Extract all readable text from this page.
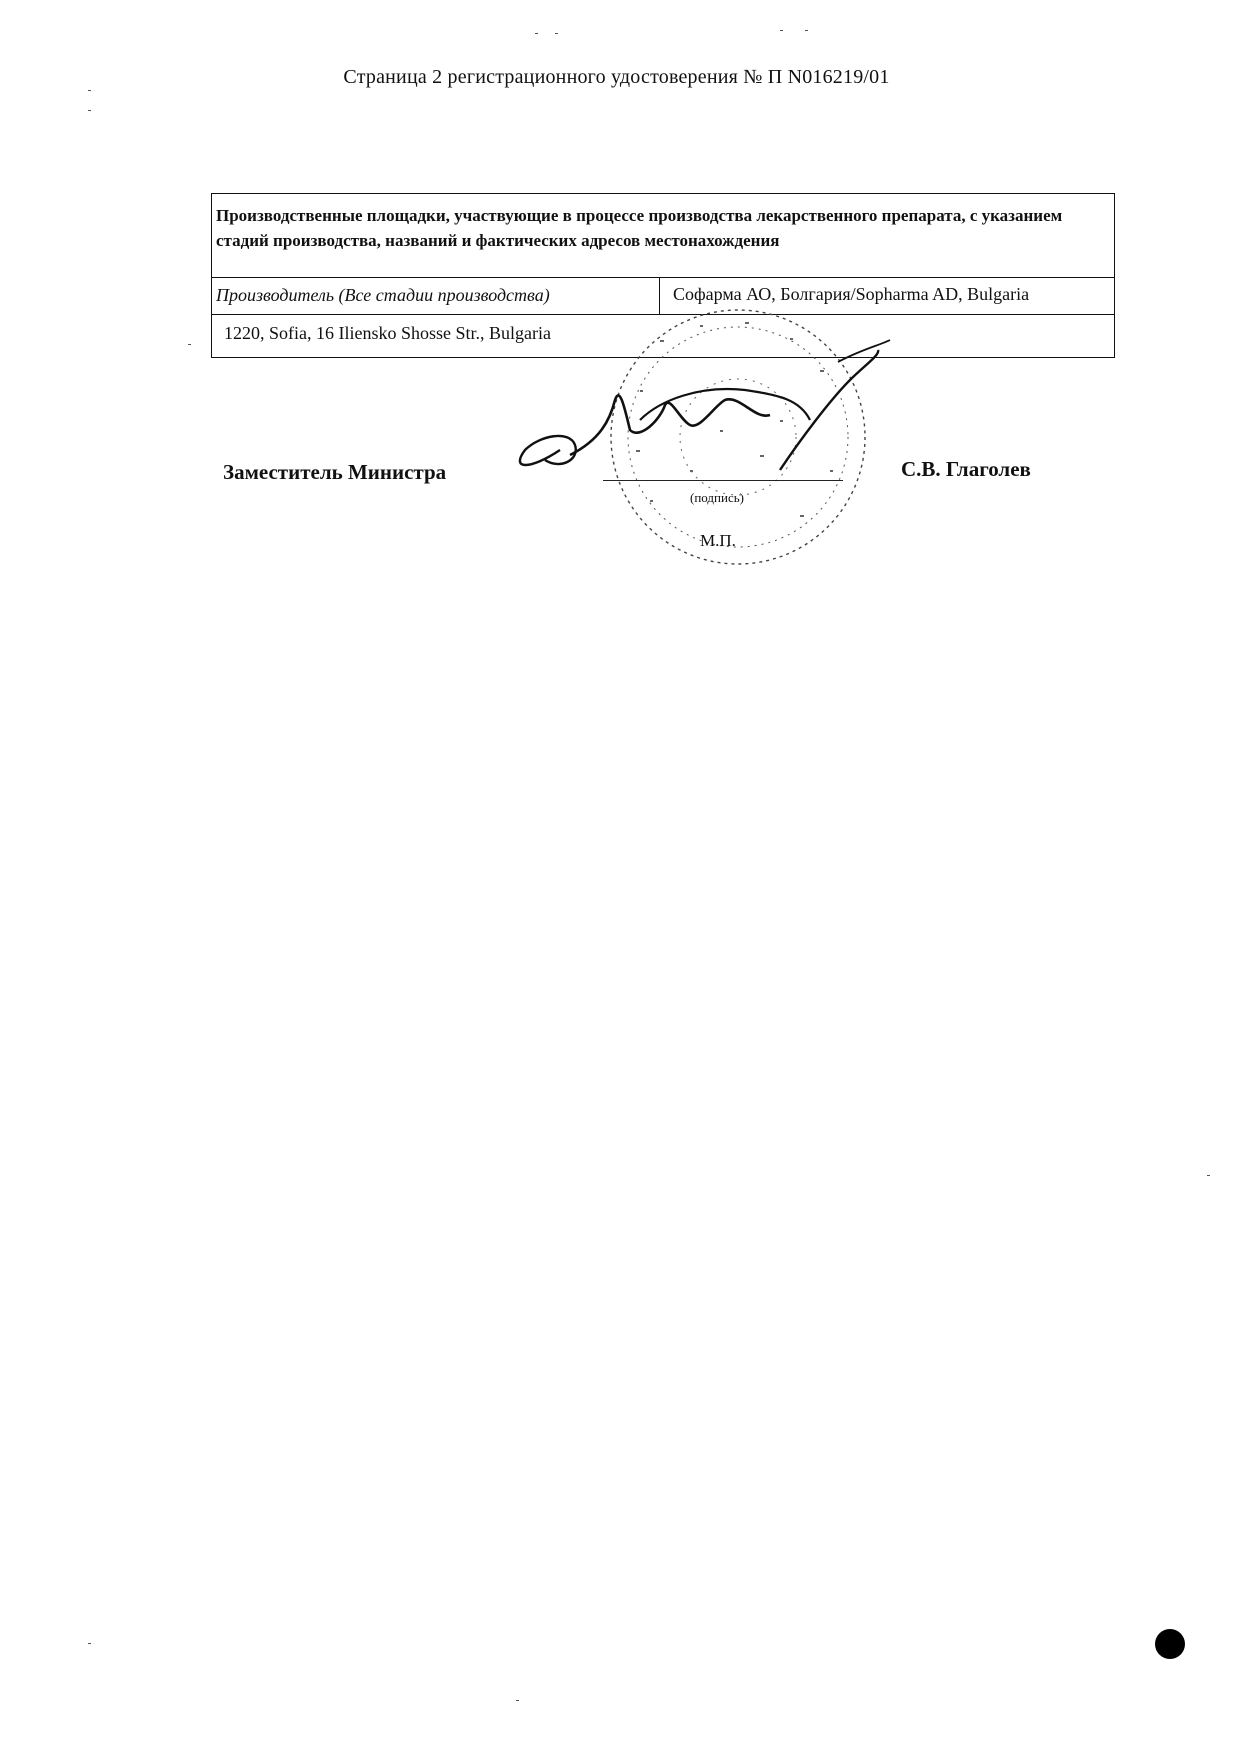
Страница 2 регистрационного удостоверения № П N016219/01
Производственные площадки, участвующие в процессе производства лекарственного препарата, с указанием стадий производства, названий и фактических адресов местонахождения
Производитель (Все стадии производства)	Софарма АО, Болгария/Sopharma AD, Bulgaria
1220, Sofia, 16 Iliensko Shosse Str., Bulgaria
Заместитель Министра
(подпись)
М.П.
С.В. Глаголев
